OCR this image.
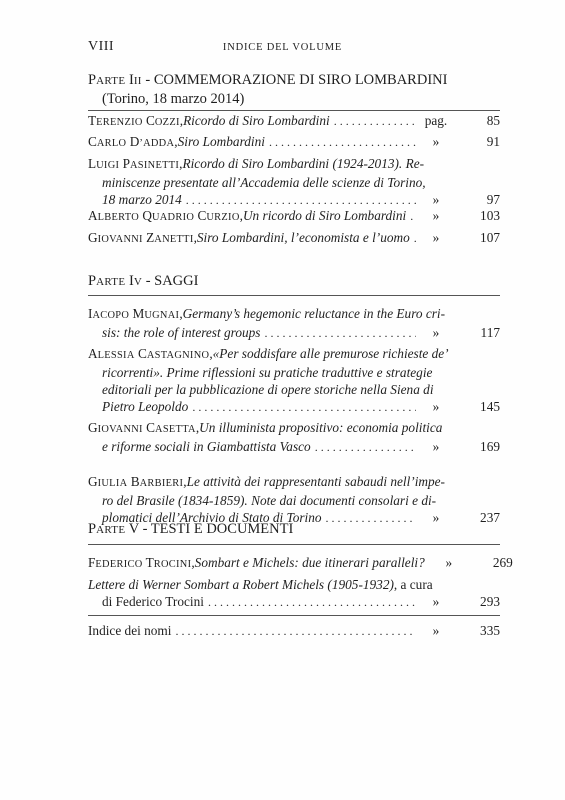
VIII	INDICE DEL VOLUME
PARTE III - COMMEMORAZIONE DI SIRO LOMBARDINI
(Torino, 18 marzo 2014)
PARTE IV - SAGGI
PARTE V - TESTI E DOCUMENTI
TERENZIO COZZI , Ricordo di Siro Lombardini . . .	pag.	85
CARLO D’ADDA , Siro Lombardini . . .	»	91
LUIGI PASINETTI , Ricordo di Siro Lombardini (1924-2013). Re-
miniscenze presentate all’Accademia delle scienze di Torino,
18 marzo 2014 . . .	»	97
ALBERTO QUADRIO CURZIO , Un ricordo di Siro Lombardini . . .	»	103
GIOVANNI ZANETTI , Siro Lombardini, l’economista e l’uomo . . .	»	107
IACOPO MUGNAI , Germany’s hegemonic reluctance in the Euro cri-
sis: the role of interest groups . . .	»	117
ALESSIA CASTAGNINO , «Per soddisfare alle premurose richieste de’
ricorrenti». Prime riflessioni su pratiche traduttive e strategie
editoriali per la pubblicazione di opere storiche nella Siena di
Pietro Leopoldo . . .	»	145
GIOVANNI CASETTA , Un illuminista propositivo: economia politica
e riforme sociali in Giambattista Vasco . . .	»	169
GIULIA BARBIERI , Le attività dei rappresentanti sabaudi nell’impe-
ro del Brasile (1834-1859). Note dai documenti consolari e di-
plomatici dell’Archivio di Stato di Torino . . .	»	237
FEDERICO TROCINI , Sombart e Michels: due itinerari paralleli?	»	269
Lettere di Werner Sombart a Robert Michels (1905-1932) , a cura
di Federico Trocini . . .	»	293
Indice dei nomi . . .	»	335
